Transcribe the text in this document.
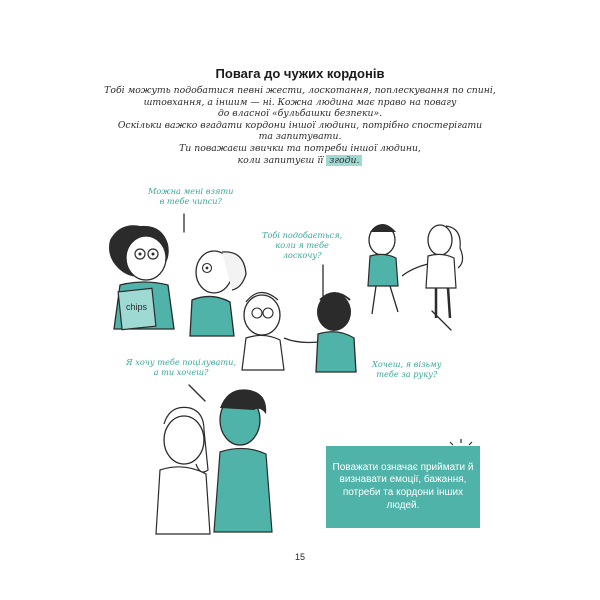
Повага до чужих кордонів
Тобі можуть подобатися певні жести, лоскотання, поплескування по спині,
штовхання, а іншим — ні. Кожна людина має право на повагу
до власної «бульбашки безпеки».
Оскільки важко вгадати кордони іншої людини, потрібно спостерігати
та запитувати.
Ти поважаєш звички та потреби іншої людини,
коли запитуєш її згоди.
chips
Можна мені взяти
в тебе чипси?
Тобі подобається,
коли я тебе
лоскочу?
Я хочу тебе поцілувати,
а ти хочеш?
Хочеш, я візьму
тебе за руку?
Поважати означає приймати й визнавати емоції, бажання, потреби та кордони інших людей.
15
